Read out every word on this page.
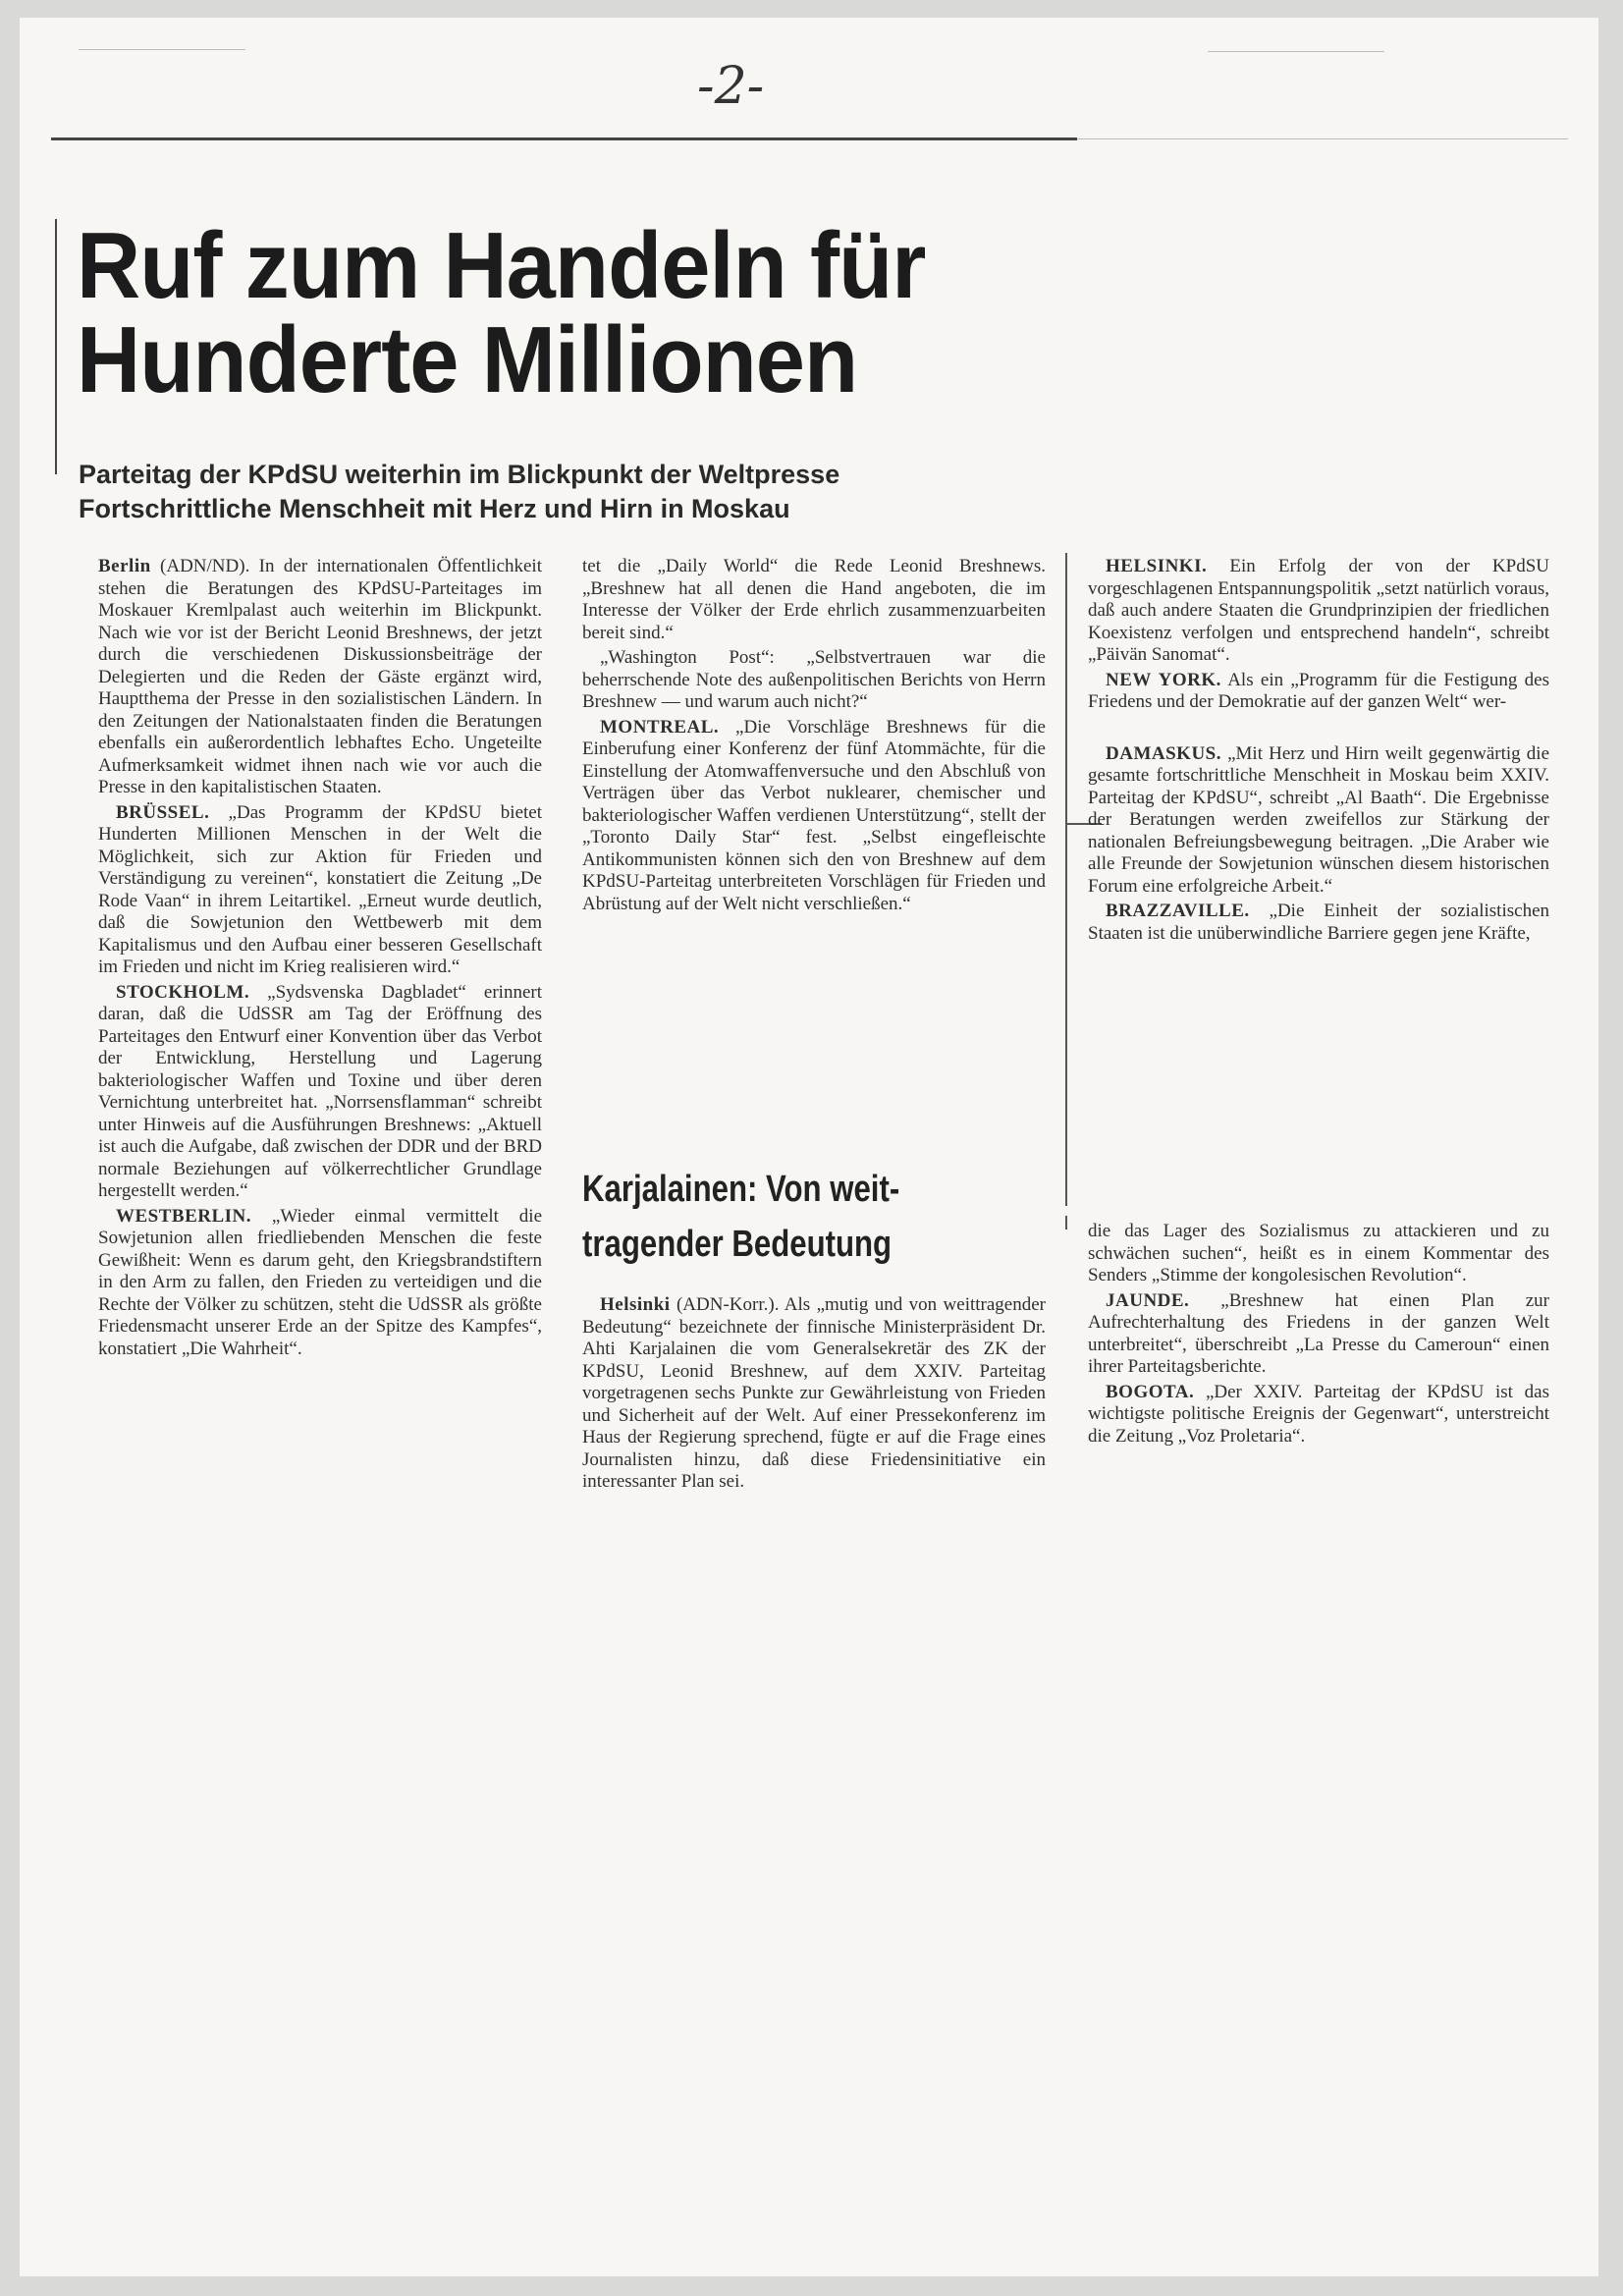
-2-
Ruf zum Handeln für
Hunderte Millionen
Parteitag der KPdSU weiterhin im Blickpunkt der Weltpresse
Fortschrittliche Menschheit mit Herz und Hirn in Moskau

Berlin (ADN/ND). In der internationalen Öffentlichkeit stehen die Beratungen des KPdSU-Parteitages im Moskauer Kremlpalast auch weiterhin im Blickpunkt. Nach wie vor ist der Bericht Leonid Breshnews, der jetzt durch die verschiedenen Diskussionsbeiträge der Delegierten und die Reden der Gäste ergänzt wird, Hauptthema der Presse in den sozialistischen Ländern. In den Zeitungen der Nationalstaaten finden die Beratungen ebenfalls ein außerordentlich lebhaftes Echo. Ungeteilte Aufmerksamkeit widmet ihnen nach wie vor auch die Presse in den kapitalistischen Staaten.

BRÜSSEL. „Das Programm der KPdSU bietet Hunderten Millionen Menschen in der Welt die Möglichkeit, sich zur Aktion für Frieden und Verständigung zu vereinen“, konstatiert die Zeitung „De Rode Vaan“ in ihrem Leitartikel. „Erneut wurde deutlich, daß die Sowjetunion den Wettbewerb mit dem Kapitalismus und den Aufbau einer besseren Gesellschaft im Frieden und nicht im Krieg realisieren wird.“

STOCKHOLM. „Sydsvenska Dagbladet“ erinnert daran, daß die UdSSR am Tag der Eröffnung des Parteitages den Entwurf einer Konvention über das Verbot der Entwicklung, Herstellung und Lagerung bakteriologischer Waffen und Toxine und über deren Vernichtung unterbreitet hat. „Norrsensflamman“ schreibt unter Hinweis auf die Ausführungen Breshnews: „Aktuell ist auch die Aufgabe, daß zwischen der DDR und der BRD normale Beziehungen auf völkerrechtlicher Grundlage hergestellt werden.“

WESTBERLIN. „Wieder einmal vermittelt die Sowjetunion allen friedliebenden Menschen die feste Gewißheit: Wenn es darum geht, den Kriegsbrandstiftern in den Arm zu fallen, den Frieden zu verteidigen und die Rechte der Völker zu schützen, steht die UdSSR als größte Friedensmacht unserer Erde an der Spitze des Kampfes“, konstatiert „Die Wahrheit“.

tet die „Daily World“ die Rede Leonid Breshnews. „Breshnew hat all denen die Hand angeboten, die im Interesse der Völker der Erde ehrlich zusammenzuarbeiten bereit sind.“

„Washington Post“: „Selbstvertrauen war die beherrschende Note des außenpolitischen Berichts von Herrn Breshnew — und warum auch nicht?“

MONTREAL. „Die Vorschläge Breshnews für die Einberufung einer Konferenz der fünf Atommächte, für die Einstellung der Atomwaffenversuche und den Abschluß von Verträgen über das Verbot nuklearer, chemischer und bakteriologischer Waffen verdienen Unterstützung“, stellt der „Toronto Daily Star“ fest. „Selbst eingefleischte Antikommunisten können sich den von Breshnew auf dem KPdSU-Parteitag unterbreiteten Vorschlägen für Frieden und Abrüstung auf der Welt nicht verschließen.“

Karjalainen: Von weit-
tragender Bedeutung

Helsinki (ADN-Korr.). Als „mutig und von weittragender Bedeutung“ bezeichnete der finnische Ministerpräsident Dr. Ahti Karjalainen die vom Generalsekretär des ZK der KPdSU, Leonid Breshnew, auf dem XXIV. Parteitag vorgetragenen sechs Punkte zur Gewährleistung von Frieden und Sicherheit auf der Welt. Auf einer Pressekonferenz im Haus der Regierung sprechend, fügte er auf die Frage eines Journalisten hinzu, daß diese Friedensinitiative ein interessanter Plan sei.

HELSINKI. Ein Erfolg der von der KPdSU vorgeschlagenen Entspannungspolitik „setzt natürlich voraus, daß auch andere Staaten die Grundprinzipien der friedlichen Koexistenz verfolgen und entsprechend handeln“, schreibt „Päivän Sanomat“.

NEW YORK. Als ein „Programm für die Festigung des Friedens und der Demokratie auf der ganzen Welt“ wer-

DAMASKUS. „Mit Herz und Hirn weilt gegenwärtig die gesamte fortschrittliche Menschheit in Moskau beim XXIV. Parteitag der KPdSU“, schreibt „Al Baath“. Die Ergebnisse der Beratungen werden zweifellos zur Stärkung der nationalen Befreiungsbewegung beitragen. „Die Araber wie alle Freunde der Sowjetunion wünschen diesem historischen Forum eine erfolgreiche Arbeit.“

BRAZZAVILLE. „Die Einheit der sozialistischen Staaten ist die unüberwindliche Barriere gegen jene Kräfte,

die das Lager des Sozialismus zu attackieren und zu schwächen suchen“, heißt es in einem Kommentar des Senders „Stimme der kongolesischen Revolution“.

JAUNDE. „Breshnew hat einen Plan zur Aufrechterhaltung des Friedens in der ganzen Welt unterbreitet“, überschreibt „La Presse du Cameroun“ einen ihrer Parteitagsberichte.

BOGOTA. „Der XXIV. Parteitag der KPdSU ist das wichtigste politische Ereignis der Gegenwart“, unterstreicht die Zeitung „Voz Proletaria“.
